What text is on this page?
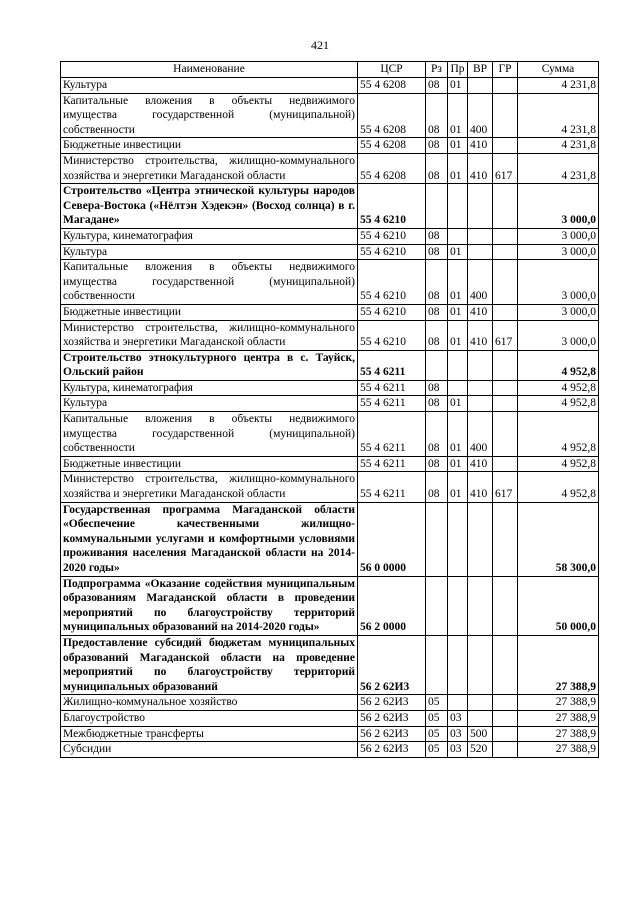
421
Наименование	ЦСР	Рз	Пр	ВР	ГР	Сумма
Культура	55 4 6208	08	01			4 231,8
Капитальные вложения в объекты недвижимого имущества государственной (муниципальной) собственности	55 4 6208	08	01	400		4 231,8
Бюджетные инвестиции	55 4 6208	08	01	410		4 231,8
Министерство строительства, жилищно-коммунального хозяйства и энергетики Магаданской области	55 4 6208	08	01	410	617	4 231,8
Строительство «Центра этнической культуры народов Севера-Востока («Нёлтэн Хэдекэн» (Восход солнца) в г. Магадане»	55 4 6210					3 000,0
Культура, кинематография	55 4 6210	08				3 000,0
Культура	55 4 6210	08	01			3 000,0
Капитальные вложения в объекты недвижимого имущества государственной (муниципальной) собственности	55 4 6210	08	01	400		3 000,0
Бюджетные инвестиции	55 4 6210	08	01	410		3 000,0
Министерство строительства, жилищно-коммунального хозяйства и энергетики Магаданской области	55 4 6210	08	01	410	617	3 000,0
Строительство этнокультурного центра в с. Тауйск, Ольский район	55 4 6211					4 952,8
Культура, кинематография	55 4 6211	08				4 952,8
Культура	55 4 6211	08	01			4 952,8
Капитальные вложения в объекты недвижимого имущества государственной (муниципальной) собственности	55 4 6211	08	01	400		4 952,8
Бюджетные инвестиции	55 4 6211	08	01	410		4 952,8
Министерство строительства, жилищно-коммунального хозяйства и энергетики Магаданской области	55 4 6211	08	01	410	617	4 952,8
Государственная программа Магаданской области «Обеспечение качественными жилищно-коммунальными услугами и комфортными условиями проживания населения Магаданской области на 2014-2020 годы»	56 0 0000					58 300,0
Подпрограмма «Оказание содействия муниципальным образованиям Магаданской области в проведении мероприятий по благоустройству территорий муниципальных образований на 2014-2020 годы»	56 2 0000					50 000,0
Предоставление субсидий бюджетам муниципальных образований Магаданской области на проведение мероприятий по благоустройству территорий муниципальных образований	56 2 62И3					27 388,9
Жилищно-коммунальное хозяйство	56 2 62И3	05				27 388,9
Благоустройство	56 2 62И3	05	03			27 388,9
Межбюджетные трансферты	56 2 62И3	05	03	500		27 388,9
Субсидии	56 2 62И3	05	03	520		27 388,9
